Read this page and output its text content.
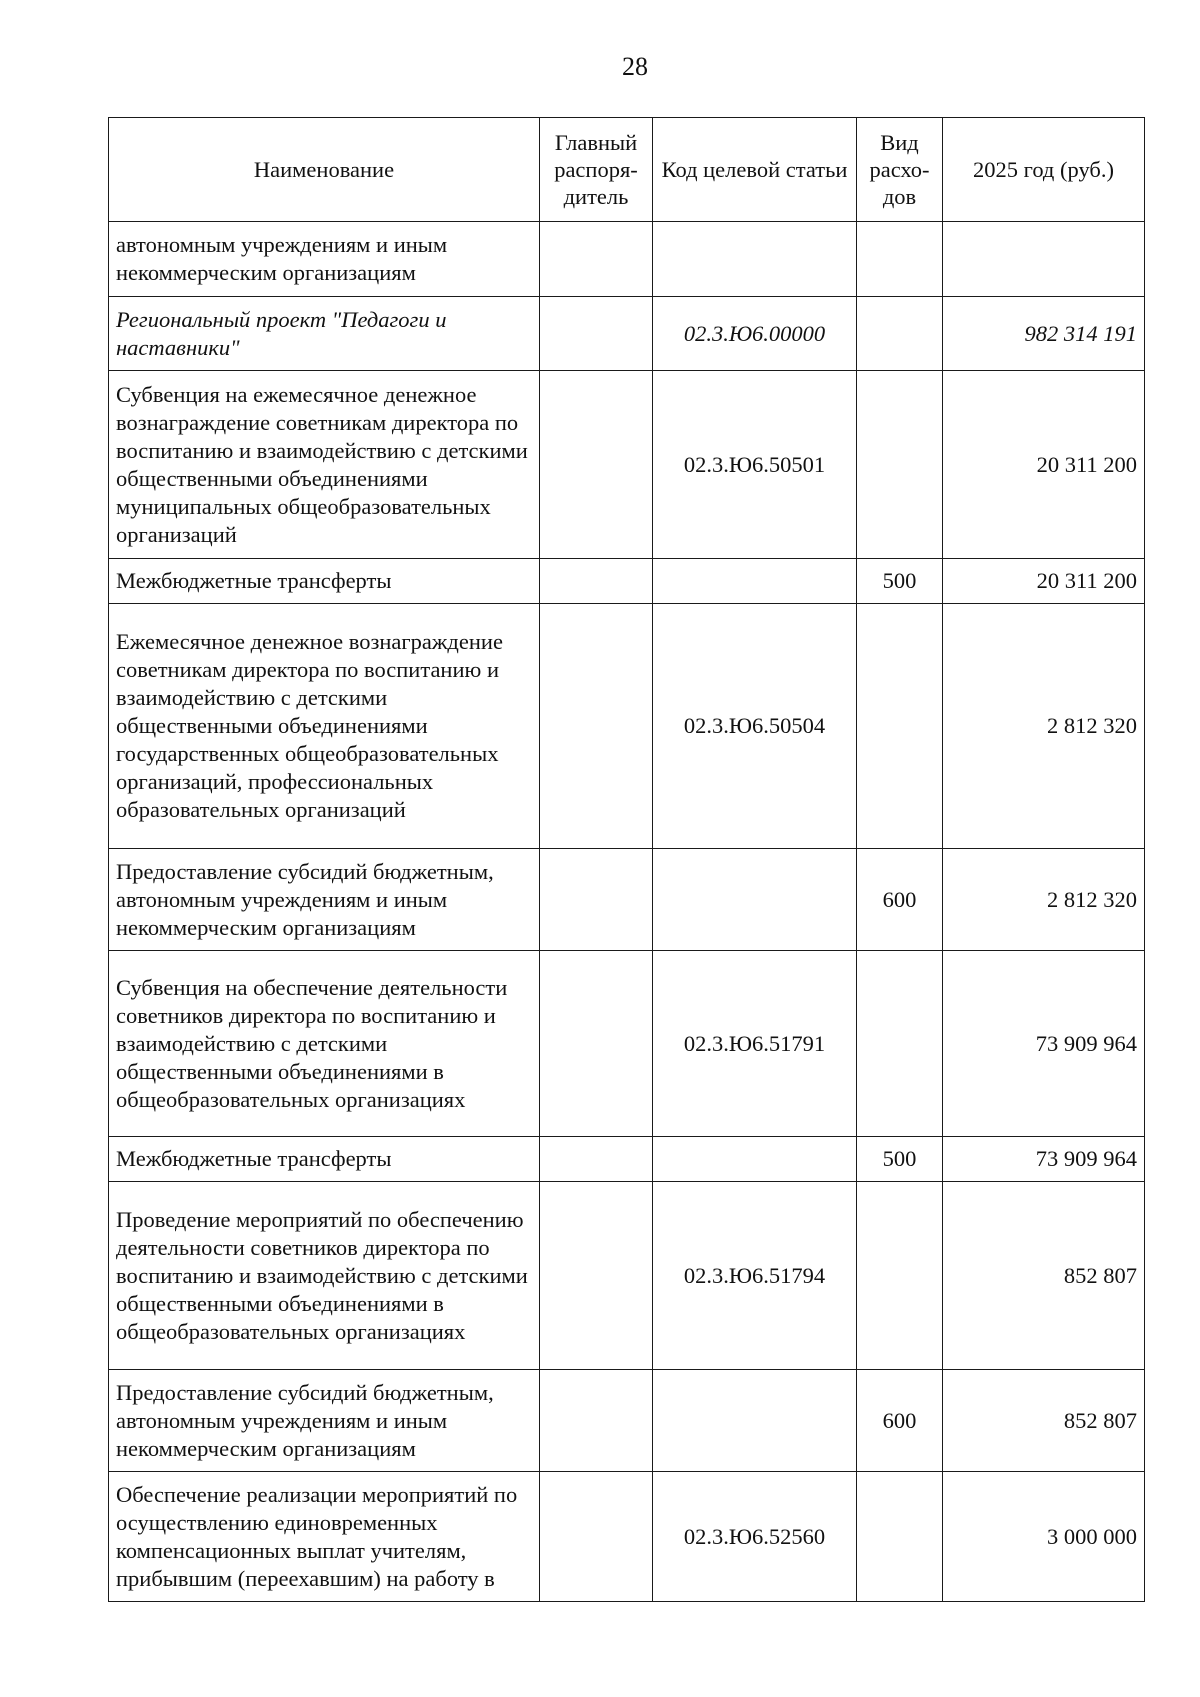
28
Наименование	Главный распоря-дитель	Код целевой статьи	Вид расхо-дов	2025 год (руб.)
автономным учреждениям и иным некоммерческим организациям				
Региональный проект "Педагоги и наставники"		02.3.Ю6.00000		982 314 191
Субвенция на ежемесячное денежное вознаграждение советникам директора по воспитанию и взаимодействию с детскими общественными объединениями муниципальных общеобразовательных организаций		02.3.Ю6.50501		20 311 200
Межбюджетные трансферты			500	20 311 200
Ежемесячное денежное вознаграждение советникам директора по воспитанию и взаимодействию с детскими общественными объединениями государственных общеобразовательных организаций, профессиональных образовательных организаций		02.3.Ю6.50504		2 812 320
Предоставление субсидий бюджетным, автономным учреждениям и иным некоммерческим организациям			600	2 812 320
Субвенция на обеспечение деятельности советников директора по воспитанию и взаимодействию с детскими общественными объединениями в общеобразовательных организациях		02.3.Ю6.51791		73 909 964
Межбюджетные трансферты			500	73 909 964
Проведение мероприятий по обеспечению деятельности советников директора по воспитанию и взаимодействию с детскими общественными объединениями в общеобразовательных организациях		02.3.Ю6.51794		852 807
Предоставление субсидий бюджетным, автономным учреждениям и иным некоммерческим организациям			600	852 807
Обеспечение реализации мероприятий по осуществлению единовременных компенсационных выплат учителям, прибывшим (переехавшим) на работу в		02.3.Ю6.52560		3 000 000
